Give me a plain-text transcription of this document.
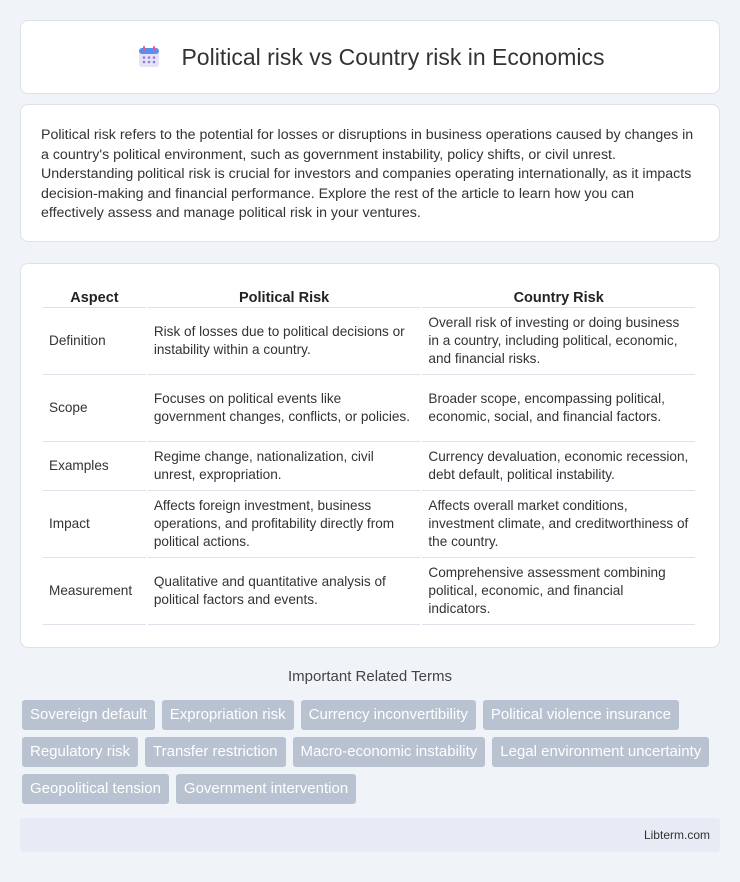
Political risk vs Country risk in Economics

Political risk refers to the potential for losses or disruptions in business operations caused by changes in a country's political environment, such as government instability, policy shifts, or civil unrest. Understanding political risk is crucial for investors and companies operating internationally, as it impacts decision-making and financial performance. Explore the rest of the article to learn how you can effectively assess and manage political risk in your ventures.

Aspect	Political Risk	Country Risk
Definition	Risk of losses due to political decisions or instability within a country.	Overall risk of investing or doing business in a country, including political, economic, and financial risks.
Scope	Focuses on political events like government changes, conflicts, or policies.	Broader scope, encompassing political, economic, social, and financial factors.
Examples	Regime change, nationalization, civil unrest, expropriation.	Currency devaluation, economic recession, debt default, political instability.
Impact	Affects foreign investment, business operations, and profitability directly from political actions.	Affects overall market conditions, investment climate, and creditworthiness of the country.
Measurement	Qualitative and quantitative analysis of political factors and events.	Comprehensive assessment combining political, economic, and financial indicators.
Important Related Terms
Sovereign default	Expropriation risk	Currency inconvertibility	Political violence insurance
Regulatory risk	Transfer restriction	Macro-economic instability	Legal environment uncertainty
Geopolitical tension	Government intervention
Libterm.com
